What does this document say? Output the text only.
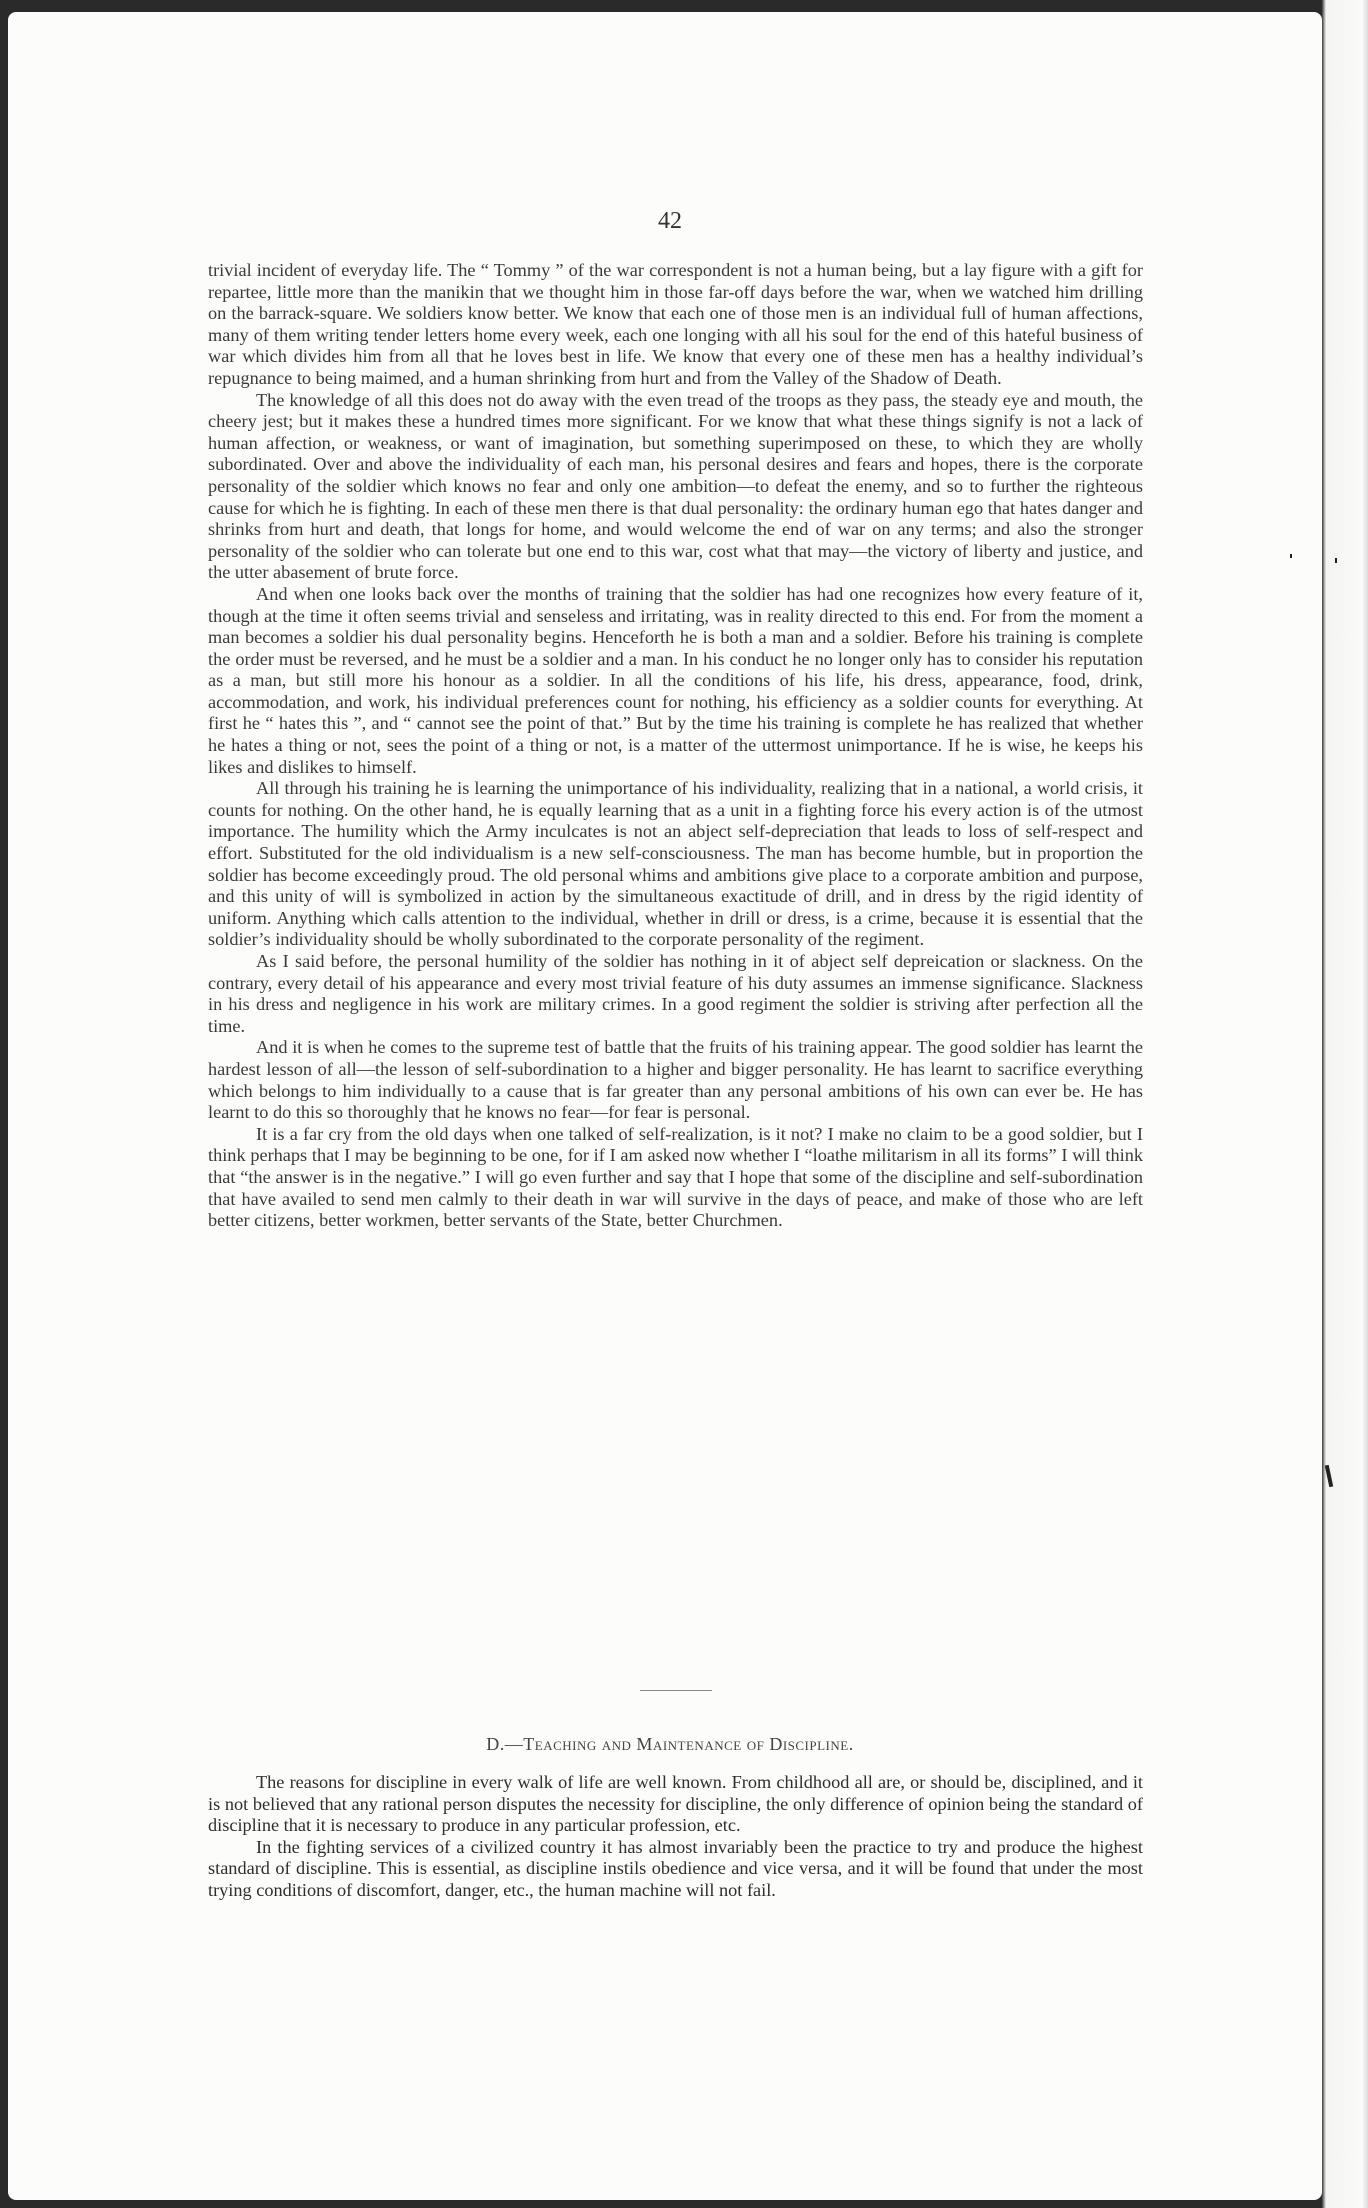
42

trivial incident of everyday life. The “ Tommy ” of the war correspondent is not a human being, but a lay figure with a gift for repartee, little more than the manikin that we thought him in those far-off days before the war, when we watched him drilling on the barrack-square. We soldiers know better. We know that each one of those men is an individual full of human affections, many of them writing tender letters home every week, each one longing with all his soul for the end of this hateful business of war which divides him from all that he loves best in life. We know that every one of these men has a healthy individual’s repugnance to being maimed, and a human shrinking from hurt and from the Valley of the Shadow of Death.

The knowledge of all this does not do away with the even tread of the troops as they pass, the steady eye and mouth, the cheery jest; but it makes these a hundred times more significant. For we know that what these things signify is not a lack of human affection, or weakness, or want of imagination, but something superimposed on these, to which they are wholly subordinated. Over and above the individuality of each man, his personal desires and fears and hopes, there is the corporate personality of the soldier which knows no fear and only one ambition—to defeat the enemy, and so to further the righteous cause for which he is fighting. In each of these men there is that dual personality: the ordinary human ego that hates danger and shrinks from hurt and death, that longs for home, and would welcome the end of war on any terms; and also the stronger personality of the soldier who can tolerate but one end to this war, cost what that may—the victory of liberty and justice, and the utter abasement of brute force.

And when one looks back over the months of training that the soldier has had one recognizes how every feature of it, though at the time it often seems trivial and senseless and irritating, was in reality directed to this end. For from the moment a man becomes a soldier his dual personality begins. Henceforth he is both a man and a soldier. Before his training is complete the order must be reversed, and he must be a soldier and a man. In his conduct he no longer only has to consider his reputation as a man, but still more his honour as a soldier. In all the conditions of his life, his dress, appearance, food, drink, accommodation, and work, his individual preferences count for nothing, his efficiency as a soldier counts for everything. At first he “ hates this ”, and “ cannot see the point of that.” But by the time his training is complete he has realized that whether he hates a thing or not, sees the point of a thing or not, is a matter of the uttermost unimportance. If he is wise, he keeps his likes and dislikes to himself.

All through his training he is learning the unimportance of his individuality, realizing that in a national, a world crisis, it counts for nothing. On the other hand, he is equally learning that as a unit in a fighting force his every action is of the utmost importance. The humility which the Army inculcates is not an abject self-depreciation that leads to loss of self-respect and effort. Substituted for the old individualism is a new self-consciousness. The man has become humble, but in proportion the soldier has become exceedingly proud. The old personal whims and ambitions give place to a corporate ambition and purpose, and this unity of will is symbolized in action by the simultaneous exactitude of drill, and in dress by the rigid identity of uniform. Anything which calls attention to the individual, whether in drill or dress, is a crime, because it is essential that the soldier’s individuality should be wholly subordinated to the corporate personality of the regiment.

As I said before, the personal humility of the soldier has nothing in it of abject self depreication or slackness. On the contrary, every detail of his appearance and every most trivial feature of his duty assumes an immense significance. Slackness in his dress and negligence in his work are military crimes. In a good regiment the soldier is striving after perfection all the time.

And it is when he comes to the supreme test of battle that the fruits of his training appear. The good soldier has learnt the hardest lesson of all—the lesson of self-subordination to a higher and bigger personality. He has learnt to sacrifice everything which belongs to him individually to a cause that is far greater than any personal ambitions of his own can ever be. He has learnt to do this so thoroughly that he knows no fear—for fear is personal.

It is a far cry from the old days when one talked of self-realization, is it not? I make no claim to be a good soldier, but I think perhaps that I may be beginning to be one, for if I am asked now whether I “loathe militarism in all its forms” I will think that “the answer is in the negative.” I will go even further and say that I hope that some of the discipline and self-subordination that have availed to send men calmly to their death in war will survive in the days of peace, and make of those who are left better citizens, better workmen, better servants of the State, better Churchmen.

D.—Teaching and Maintenance of Discipline.

The reasons for discipline in every walk of life are well known. From childhood all are, or should be, disciplined, and it is not believed that any rational person disputes the necessity for discipline, the only difference of opinion being the standard of discipline that it is necessary to produce in any particular profession, etc.

In the fighting services of a civilized country it has almost invariably been the practice to try and produce the highest standard of discipline. This is essential, as discipline instils obedience and vice versa, and it will be found that under the most trying conditions of discomfort, danger, etc., the human machine will not fail.
